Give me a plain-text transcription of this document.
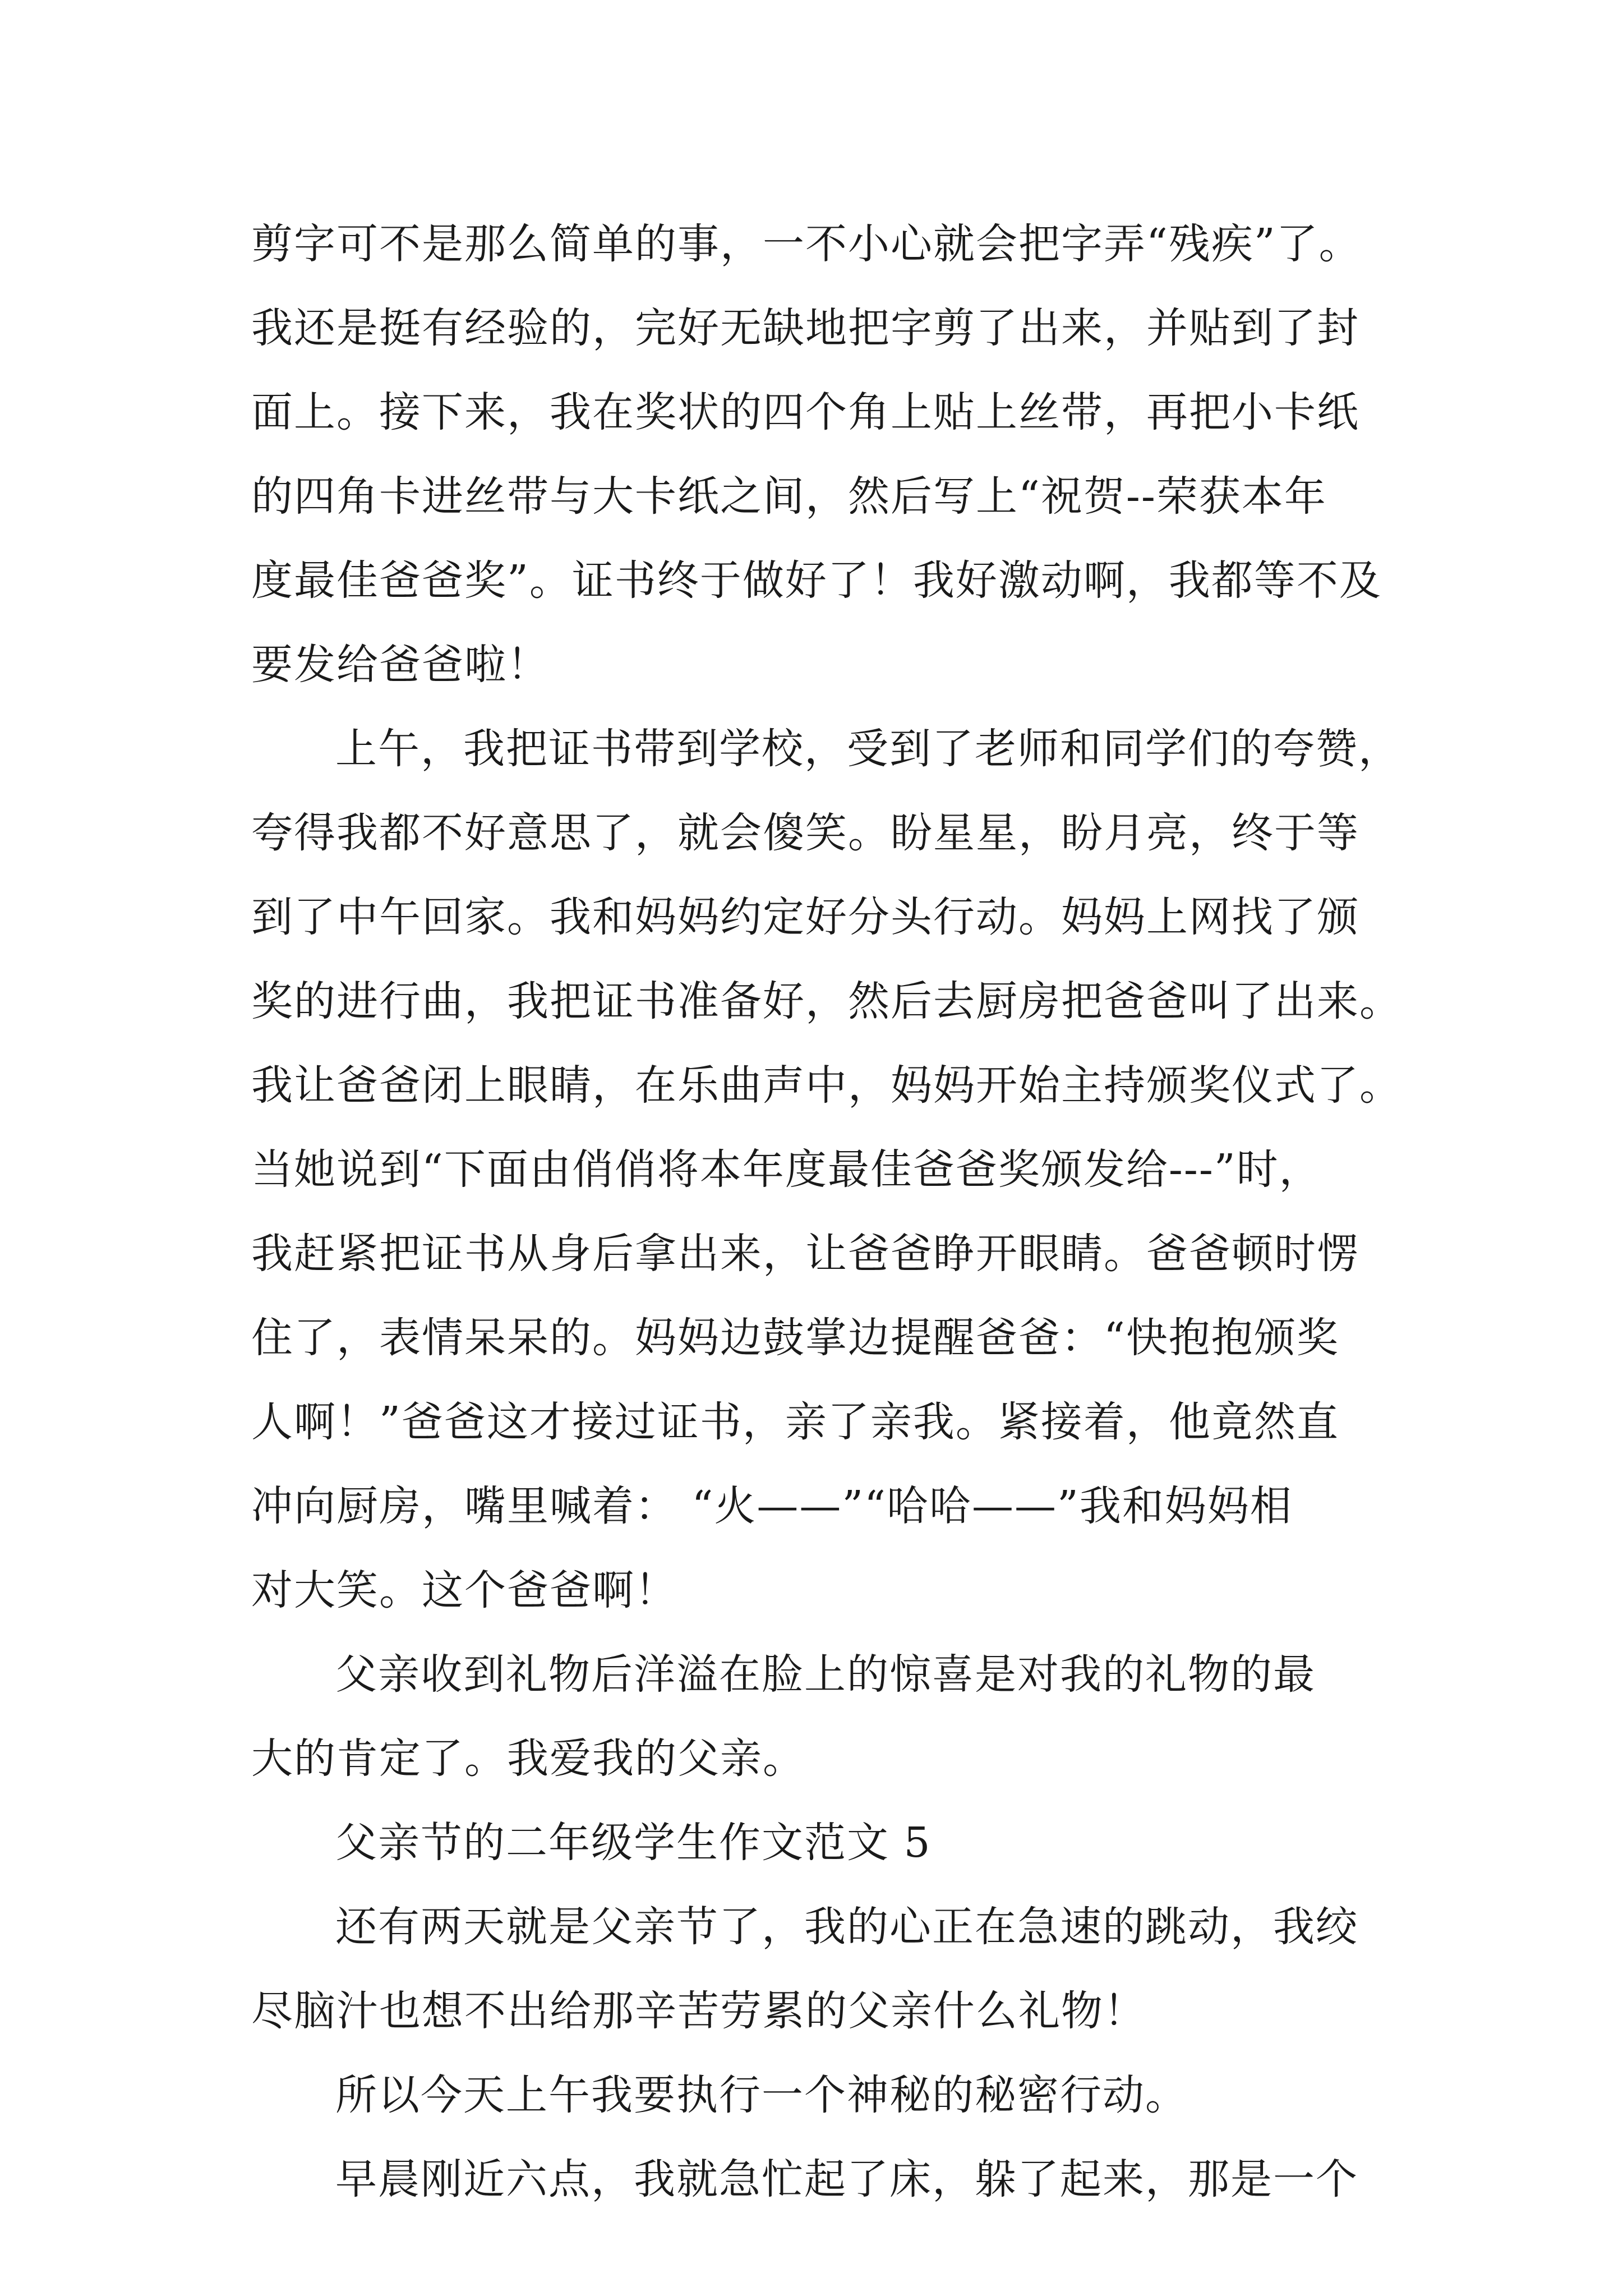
剪字可不是那么简单的事，一不小心就会把字弄“残疾”了。
我还是挺有经验的，完好无缺地把字剪了出来，并贴到了封
面上。接下来，我在奖状的四个角上贴上丝带，再把小卡纸
的四角卡进丝带与大卡纸之间，然后写上“祝贺--荣获本年
度最佳爸爸奖”。证书终于做好了！我好激动啊，我都等不及
要发给爸爸啦！
上午，我把证书带到学校，受到了老师和同学们的夸赞，
夸得我都不好意思了，就会傻笑。盼星星，盼月亮，终于等
到了中午回家。我和妈妈约定好分头行动。妈妈上网找了颁
奖的进行曲，我把证书准备好，然后去厨房把爸爸叫了出来。
我让爸爸闭上眼睛，在乐曲声中，妈妈开始主持颁奖仪式了。
当她说到“下面由俏俏将本年度最佳爸爸奖颁发给---”时，
我赶紧把证书从身后拿出来，让爸爸睁开眼睛。爸爸顿时愣
住了，表情呆呆的。妈妈边鼓掌边提醒爸爸：“快抱抱颁奖
人啊！”爸爸这才接过证书，亲了亲我。紧接着，他竟然直
冲向厨房，嘴里喊着： “火——”“哈哈——”我和妈妈相
对大笑。这个爸爸啊！
父亲收到礼物后洋溢在脸上的惊喜是对我的礼物的最
大的肯定了。我爱我的父亲。
父亲节的二年级学生作文范文 5
还有两天就是父亲节了，我的心正在急速的跳动，我绞
尽脑汁也想不出给那辛苦劳累的父亲什么礼物！
所以今天上午我要执行一个神秘的秘密行动。
早晨刚近六点，我就急忙起了床，躲了起来，那是一个
